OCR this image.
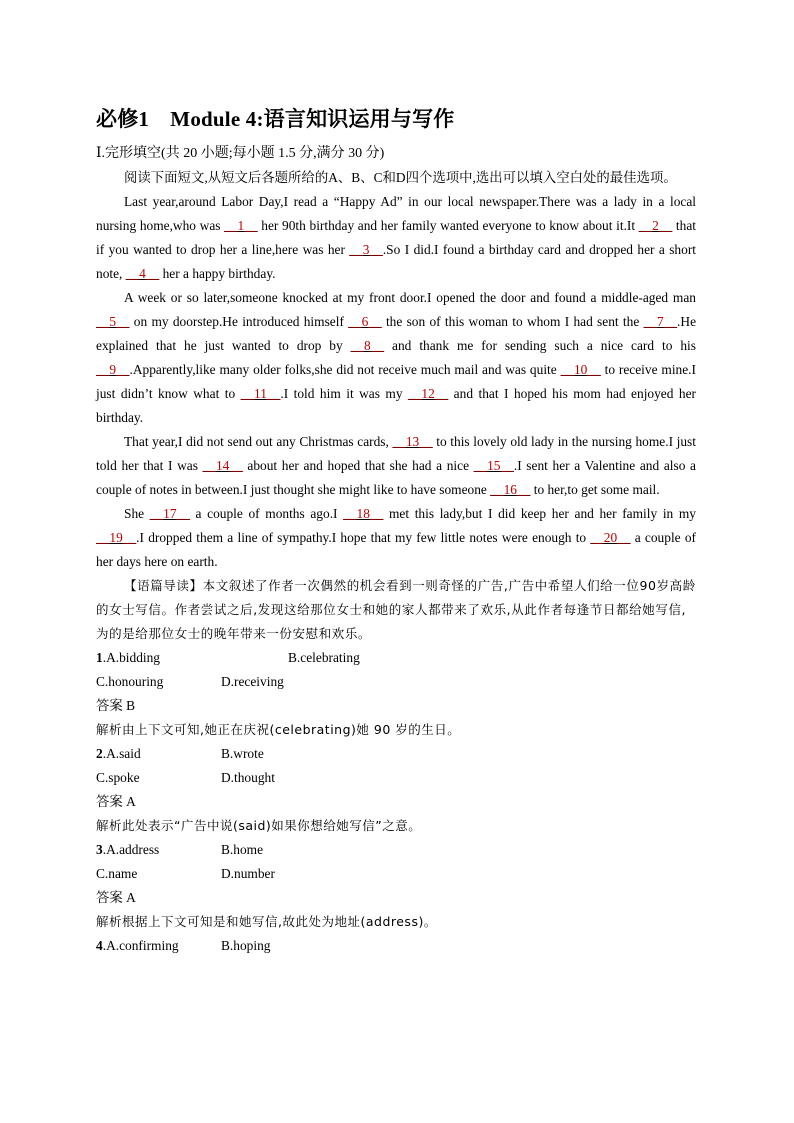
必修1　Module 4:语言知识运用与写作

Ⅰ.完形填空(共 20 小题;每小题 1.5 分,满分 30 分)

阅读下面短文,从短文后各题所给的A、B、C和D四个选项中,选出可以填入空白处的最佳选项。

Last year,around Labor Day,I read a “Happy Ad” in our local newspaper.There was a lady in a local nursing home,who was __1__ her 90th birthday and her family wanted everyone to know about it.It __2__ that if you wanted to drop her a line,here was her __3__.So I did.I found a birthday card and dropped her a short note, __4__ her a happy birthday.

A week or so later,someone knocked at my front door.I opened the door and found a middle-aged man __5__ on my doorstep.He introduced himself __6__ the son of this woman to whom I had sent the __7__.He explained that he just wanted to drop by __8__ and thank me for sending such a nice card to his __9__.Apparently,like many older folks,she did not receive much mail and was quite __10__ to receive mine.I just didn’t know what to __11__.I told him it was my __12__ and that I hoped his mom had enjoyed her birthday.

That year,I did not send out any Christmas cards, __13__ to this lovely old lady in the nursing home.I just told her that I was __14__ about her and hoped that she had a nice __15__.I sent her a Valentine and also a couple of notes in between.I just thought she might like to have someone __16__ to her,to get some mail.

She __17__ a couple of months ago.I __18__ met this lady,but I did keep her and her family in my __19__.I dropped them a line of sympathy.I hope that my few little notes were enough to __20__ a couple of her days here on earth.

【语篇导读】本文叙述了作者一次偶然的机会看到一则奇怪的广告,广告中希望人们给一位90岁高龄的女士写信。作者尝试之后,发现这给那位女士和她的家人都带来了欢乐,从此作者每逢节日都给她写信,为的是给那位女士的晚年带来一份安慰和欢乐。

1.A.bidding	B.celebrating
C.honouring	D.receiving

答案 B

解析由上下文可知,她正在庆祝(celebrating)她 90 岁的生日。

2.A.said	B.wrote
C.spoke	D.thought

答案 A

解析此处表示“广告中说(said)如果你想给她写信”之意。

3.A.address	B.home
C.name	D.number

答案 A

解析根据上下文可知是和她写信,故此处为地址(address)。

4.A.confirming	B.hoping
